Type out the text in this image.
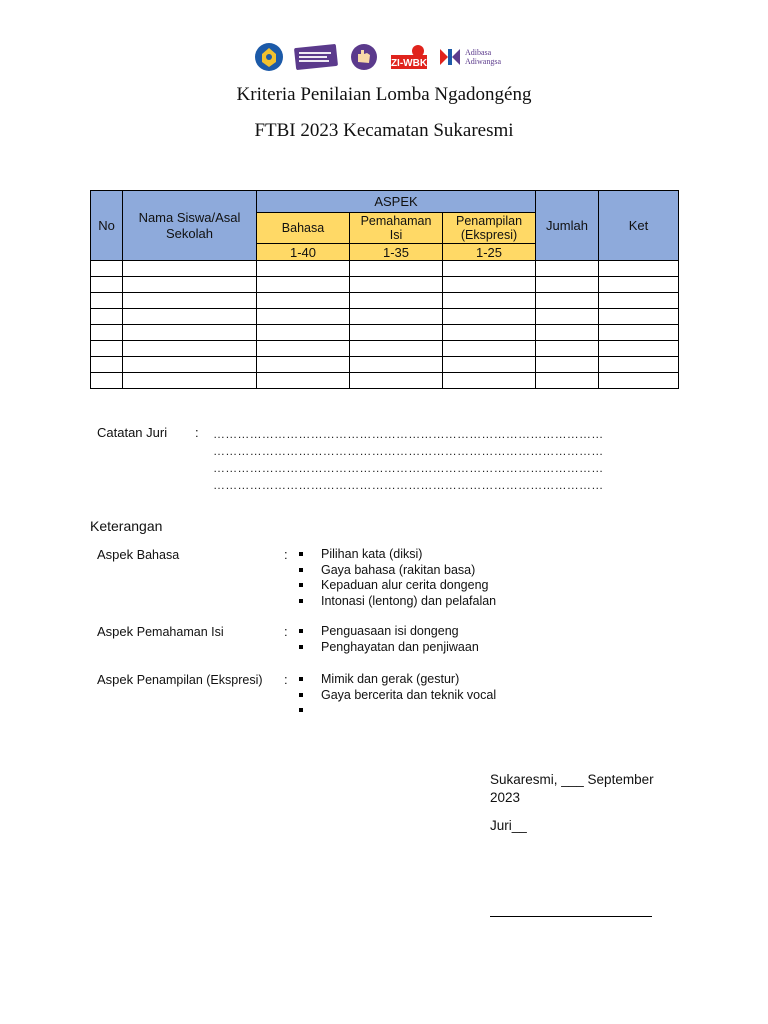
ZI-WBK
Adibasa
Adiwangsa
Kriteria Penilaian Lomba Ngadongéng
FTBI 2023 Kecamatan Sukaresmi
No	Nama Siswa/Asal Sekolah	ASPEK			Jumlah	Ket
		Bahasa	Pemahaman Isi	Penampilan (Ekspresi)		
		1-40	1-35	1-25		

Catatan Juri : ……………………………………………………………………………………
……………………………………………………………………………………
……………………………………………………………………………………
……………………………………………………………………………………
Keterangan
Aspek Bahasa	:	Pilihan kata (diksi)
Gaya bahasa (rakitan basa)
Kepaduan alur cerita dongeng
Intonasi (lentong) dan pelafalan
Aspek Pemahaman Isi	:	Penguasaan isi dongeng
Penghayatan dan penjiwaan
Aspek Penampilan (Ekspresi) :	Mimik dan gerak (gestur)
Gaya bercerita dan teknik vocal
Sukaresmi, ___ September
2023
Juri__
